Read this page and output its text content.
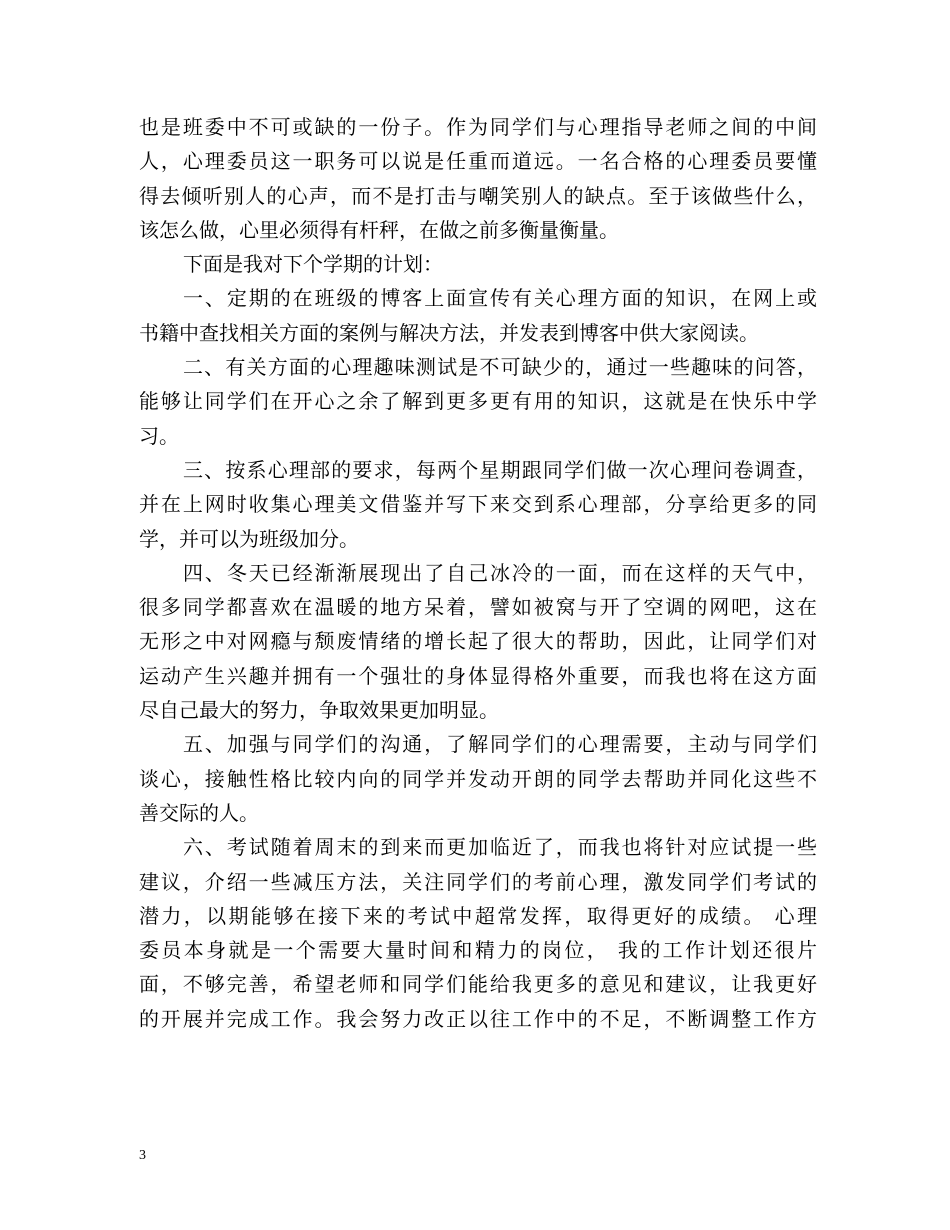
也是班委中不可或缺的一份子。作为同学们与心理指导老师之间的中间
人，心理委员这一职务可以说是任重而道远。一名合格的心理委员要懂
得去倾听别人的心声，而不是打击与嘲笑别人的缺点。至于该做些什么，
该怎么做，心里必须得有杆秤，在做之前多衡量衡量。
下面是我对下个学期的计划：
一、定期的在班级的博客上面宣传有关心理方面的知识，在网上或
书籍中查找相关方面的案例与解决方法，并发表到博客中供大家阅读。
二、有关方面的心理趣味测试是不可缺少的，通过一些趣味的问答，
能够让同学们在开心之余了解到更多更有用的知识，这就是在快乐中学
习。
三、按系心理部的要求，每两个星期跟同学们做一次心理问卷调查，
并在上网时收集心理美文借鉴并写下来交到系心理部，分享给更多的同
学，并可以为班级加分。
四、冬天已经渐渐展现出了自己冰冷的一面，而在这样的天气中，
很多同学都喜欢在温暖的地方呆着，譬如被窝与开了空调的网吧，这在
无形之中对网瘾与颓废情绪的增长起了很大的帮助，因此，让同学们对
运动产生兴趣并拥有一个强壮的身体显得格外重要，而我也将在这方面
尽自己最大的努力，争取效果更加明显。
五、加强与同学们的沟通，了解同学们的心理需要，主动与同学们
谈心，接触性格比较内向的同学并发动开朗的同学去帮助并同化这些不
善交际的人。
六、考试随着周末的到来而更加临近了，而我也将针对应试提一些
建议，介绍一些减压方法，关注同学们的考前心理，激发同学们考试的
潜力，以期能够在接下来的考试中超常发挥，取得更好的成绩。 心理
委员本身就是一个需要大量时间和精力的岗位， 我的工作计划还很片
面，不够完善，希望老师和同学们能给我更多的意见和建议，让我更好
的开展并完成工作。我会努力改正以往工作中的不足，不断调整工作方
3
